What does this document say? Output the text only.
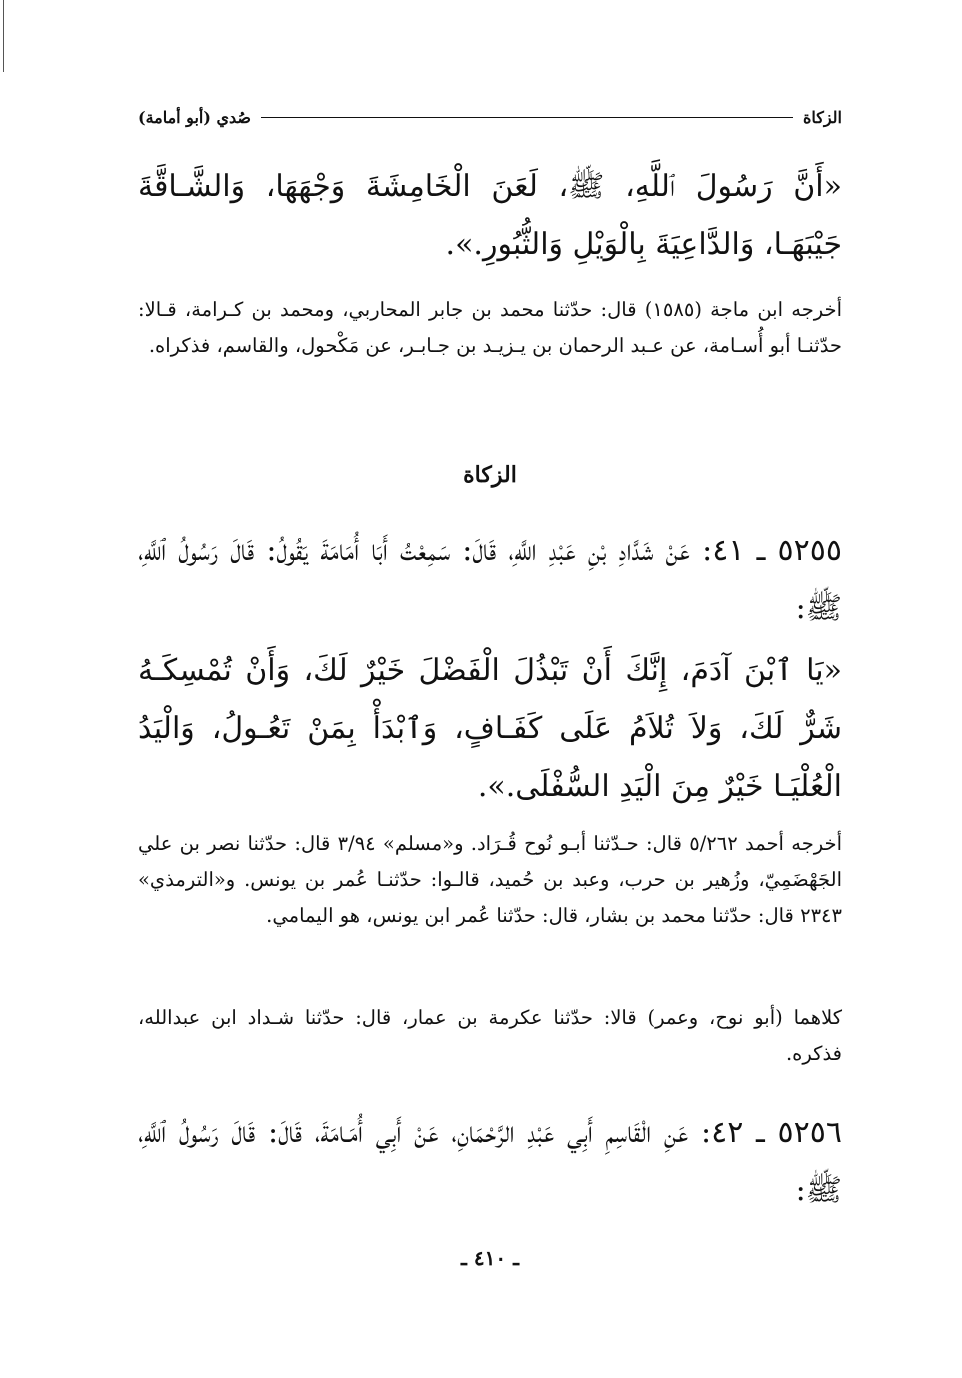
الزكاة
صُدي (أبو أمامة)

«أَنَّ رَسُولَ ٱللَّهِ، ﷺ، لَعَنَ الْخَامِشَةَ وَجْهَهَا، وَالشَّـاقَّةَ جَيْبَهَـا، وَالدَّاعِيَةَ بِالْوَيْلِ وَالثُّبُورِ.».

أخرجه ابن ماجة (١٥٨٥) قال: حدّثنا محمد بن جابر المحاربي، ومحمد بن كـرامة، قـالا: حدّثنـا أبو أُسـامة، عن عـبد الرحمان بن يـزيـد بن جـابـر، عن مَكْحول، والقاسم، فذكراه.

الزكاة

٥٢٥٥ ـ ٤١: عَنْ شَدَّادِ بْنِ عَبْدِ اللَّهِ، قَالَ: سَمِعْتُ أَبَا أُمَامَةَ يَقُولُ: قَالَ رَسُولُ ٱللَّهِ، ﷺ:

«يَا ٱبْنَ آدَمَ، إِنَّكَ أَنْ تَبْذُلَ الْفَضْلَ خَيْرٌ لَكَ، وَأَنْ تُمْسِكَـهُ شَرٌّ لَكَ، وَلاَ تُلاَمُ عَلَى كَفَـافٍ، وَٱبْدَأْ بِمَنْ تَعُـولُ، وَالْيَدُ الْعُلْيَـا خَيْرٌ مِنَ الْيَدِ السُّفْلَى.».

أخرجه أحمد ٥/٢٦٢ قال: حـدّثنا أبـو نُوح قُـرَاد. و«مسلم» ٣/٩٤ قال: حدّثنا نصر بن علي الجَهْضَمِيّ، وزُهير بن حرب، وعبد بن حُميد، قالـوا: حدّثنـا عُمر بن يونس. و«الترمذي» ٢٣٤٣ قال: حدّثنا محمد بن بشار، قال: حدّثنا عُمر ابن يونس، هو اليمامي.

كلاهما (أبو نوح، وعمر) قالا: حدّثنا عكرمة بن عمار، قال: حدّثنا شـداد ابن عبدالله، فذكره.

٥٢٥٦ ـ ٤٢: عَنِ الْقَاسِمِ أَبِي عَبْدِ الرَّحْمَانِ، عَنْ أَبِي أُمَـامَةَ، قَالَ: قَالَ رَسُولُ ٱللَّهِ، ﷺ:

ـ ٤١٠ ـ
